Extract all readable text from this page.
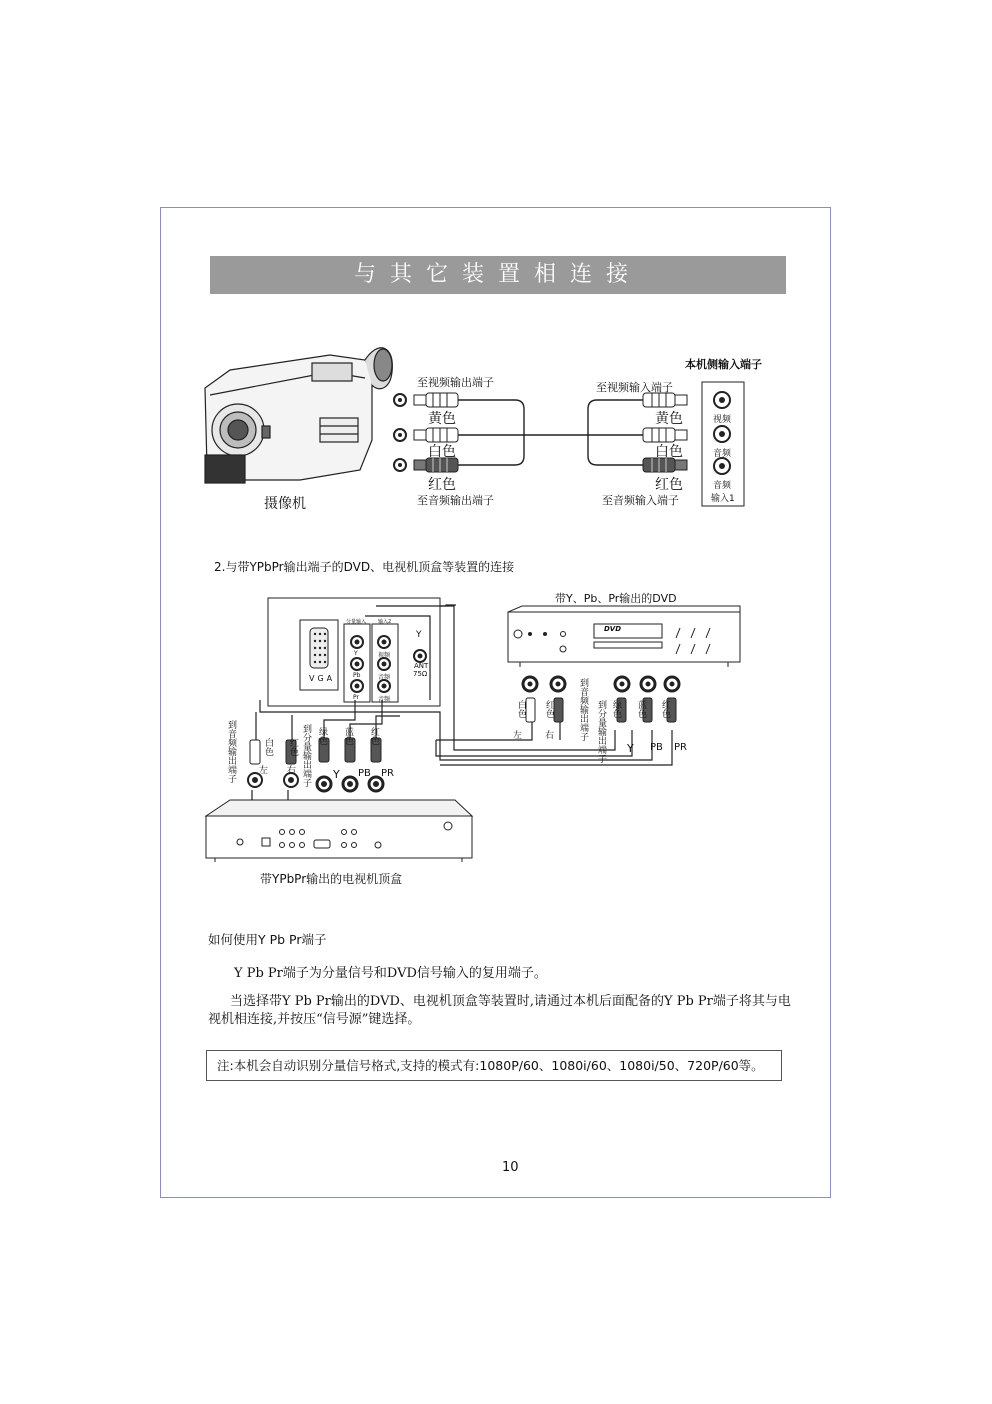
与其它装置相连接
至视频输出端子
黄色
白色
红色
至音频输出端子
至视频输入端子
黄色
白色
红色
至音频输入端子
本机侧输入端子
视频
音频
音频
输入1
摄像机
2.与带YPbPr输出端子的DVD、电视机顶盒等装置的连接
带Y、Pb、Pr输出的DVD
DVD
VGA
Y
ANT
75Ω
分量输入 输入2
Y
Pb
Pr
视频
音频
音频
到音频输出端子	到分量输出端子
白色 红色
绿色 蓝色 红色
左 右	Y PB PR
白色 红色	到音频输出端子 到分量输出端子 绿色 蓝色 红色
左	右
Y PB PR
带YPbPr输出的电视机顶盒
如何使用Y Pb Pr端子
Y Pb Pr端子为分量信号和DVD信号输入的复用端子。
当选择带Y Pb Pr输出的DVD、电视机顶盒等装置时,请通过本机后面配备的Y Pb Pr端子将其与电
视机相连接,并按压“信号源”键选择。
注:本机会自动识别分量信号格式,支持的模式有:1080P/60、1080i/60、1080i/50、720P/60等。
10
